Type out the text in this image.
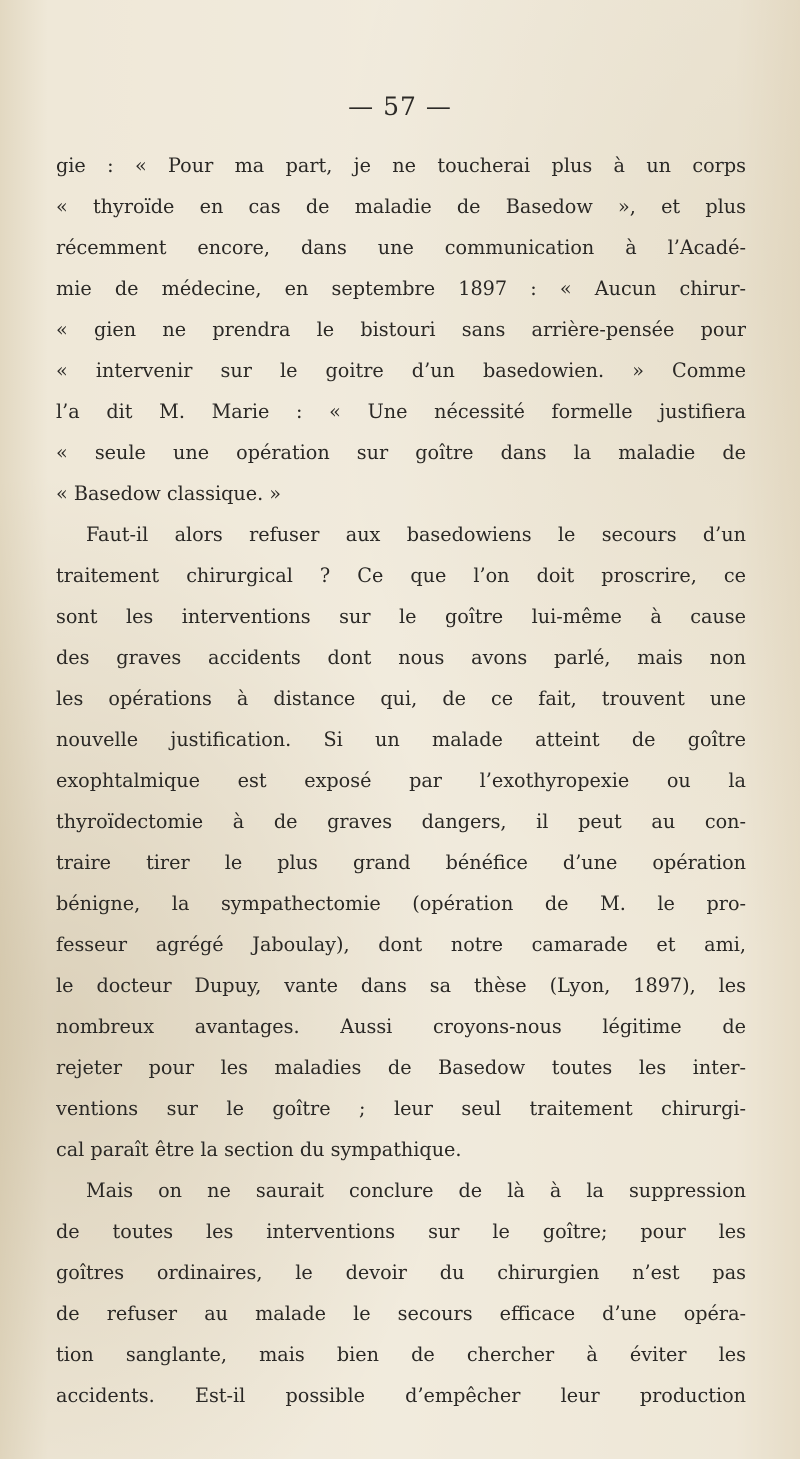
— 57 —
gie : « Pour ma part, je ne toucherai plus à un corps
« thyroïde en cas de maladie de Basedow », et plus
récemment encore, dans une communication à l’Acadé-
mie de médecine, en septembre 1897 : « Aucun chirur-
« gien ne prendra le bistouri sans arrière-pensée pour
« intervenir sur le goitre d’un basedowien. » Comme
l’a dit M. Marie : « Une nécessité formelle justifiera
« seule une opération sur goître dans la maladie de
« Basedow classique. »
Faut-il alors refuser aux basedowiens le secours d’un
traitement chirurgical ? Ce que l’on doit proscrire, ce
sont les interventions sur le goître lui-même à cause
des graves accidents dont nous avons parlé, mais non
les opérations à distance qui, de ce fait, trouvent une
nouvelle justification. Si un malade atteint de goître
exophtalmique est exposé par l’exothyropexie ou la
thyroïdectomie à de graves dangers, il peut au con-
traire tirer le plus grand bénéfice d’une opération
bénigne, la sympathectomie (opération de M. le pro-
fesseur agrégé Jaboulay), dont notre camarade et ami,
le docteur Dupuy, vante dans sa thèse (Lyon, 1897), les
nombreux avantages. Aussi croyons-nous légitime de
rejeter pour les maladies de Basedow toutes les inter-
ventions sur le goître ; leur seul traitement chirurgi-
cal paraît être la section du sympathique.
Mais on ne saurait conclure de là à la suppression
de toutes les interventions sur le goître; pour les
goîtres ordinaires, le devoir du chirurgien n’est pas
de refuser au malade le secours efficace d’une opéra-
tion sanglante, mais bien de chercher à éviter les
accidents. Est-il possible d’empêcher leur production
